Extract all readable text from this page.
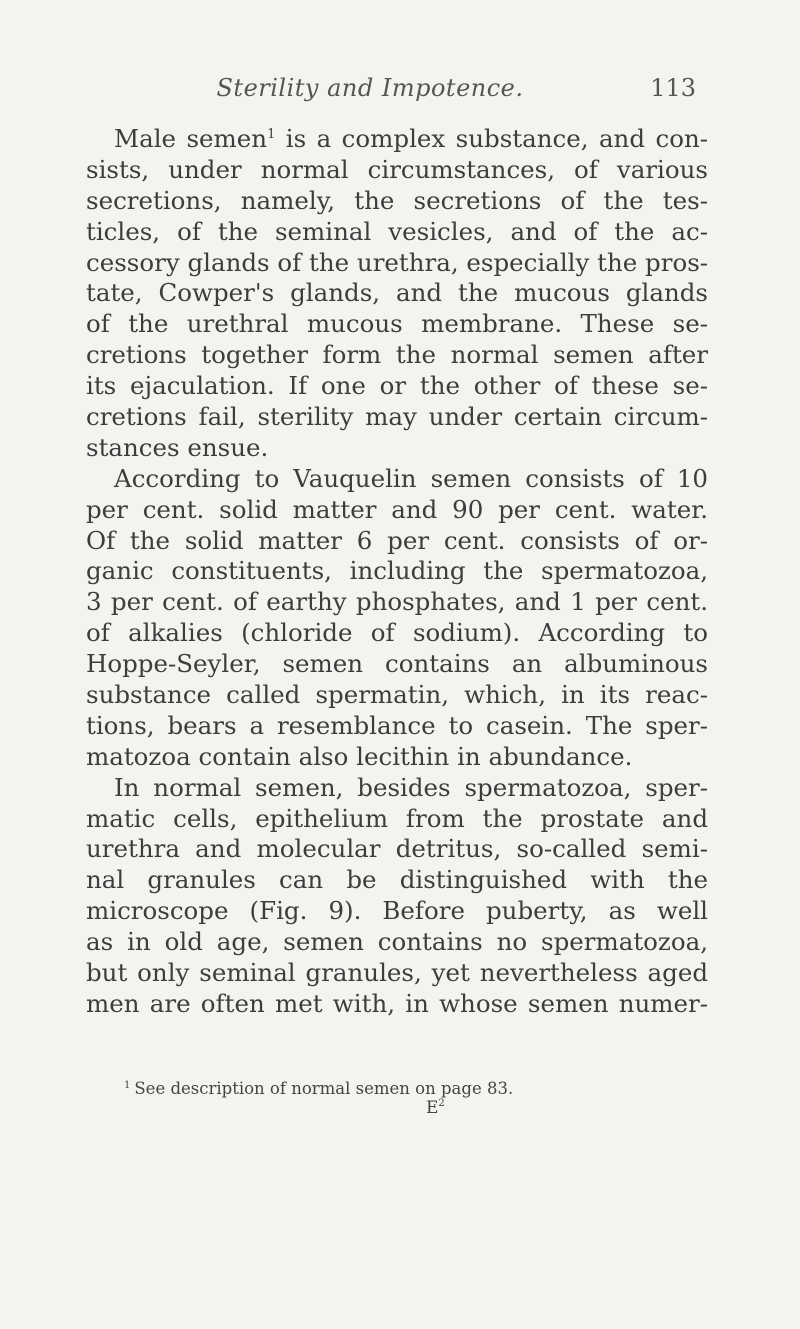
Sterility and Impotence.	113
Male semen$^1$ is a complex substance, and con-
sists, under normal circumstances, of various
secretions, namely, the secretions of the tes-
ticles, of the seminal vesicles, and of the ac-
cessory glands of the urethra, especially the pros-
tate, Cowper's glands, and the mucous glands
of the urethral mucous membrane. These se-
cretions together form the normal semen after
its ejaculation. If one or the other of these se-
cretions fail, sterility may under certain circum-
stances ensue.
According to Vauquelin semen consists of 10
per cent. solid matter and 90 per cent. water.
Of the solid matter 6 per cent. consists of or-
ganic constituents, including the spermatozoa,
3 per cent. of earthy phosphates, and 1 per cent.
of alkalies (chloride of sodium). According to
Hoppe-Seyler, semen contains an albuminous
substance called spermatin, which, in its reac-
tions, bears a resemblance to casein. The sper-
matozoa contain also lecithin in abundance.
In normal semen, besides spermatozoa, sper-
matic cells, epithelium from the prostate and
urethra and molecular detritus, so-called semi-
nal granules can be distinguished with the
microscope (Fig. 9). Before puberty, as well
as in old age, semen contains no spermatozoa,
but only seminal granules, yet nevertheless aged
men are often met with, in whose semen numer-
$^1$ See description of normal semen on page 83.
$E^2$
